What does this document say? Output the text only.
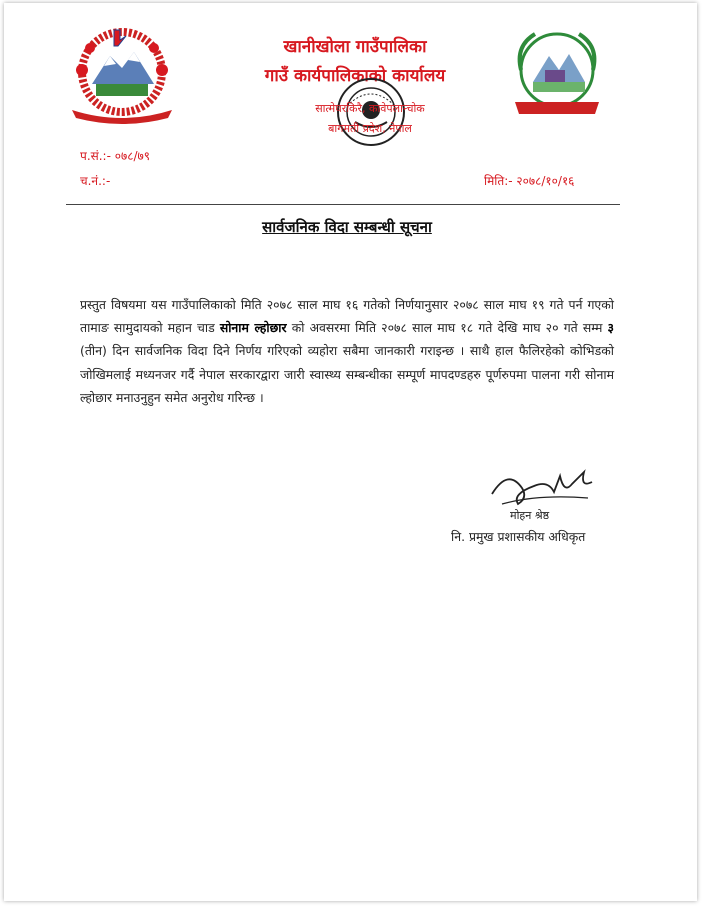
खानीखोला गाउँपालिका
गाउँ कार्यपालिकाको कार्यालय
सात्मेघरकिरै, कावेपलान्चोक
बागमती प्रदेश, नेपाल
प.सं.:- ०७८/७९
च.नं.:-	मिति:- २०७८/१०/१६
सार्वजनिक विदा सम्बन्धी सूचना
प्रस्तुत विषयमा यस गाउँपालिकाको मिति २०७८ साल माघ १६ गतेको निर्णयानुसार २०७८ साल माघ १९ गते पर्न गएको तामाङ सामुदायको महान चाड सोनाम ल्होछार को अवसरमा मिति २०७८ साल माघ १८ गते देखि माघ २० गते सम्म ३ (तीन) दिन सार्वजनिक विदा दिने निर्णय गरिएको व्यहोरा सबैमा जानकारी गराइन्छ । साथै हाल फैलिरहेको कोभिडको जोखिमलाई मध्यनजर गर्दै नेपाल सरकारद्वारा जारी स्वास्थ्य सम्बन्धीका सम्पूर्ण मापदण्डहरु पूर्णरुपमा पालना गरी सोनाम ल्होछार मनाउनुहुन समेत अनुरोध गरिन्छ ।
मोहन श्रेष्ठ
नि. प्रमुख प्रशासकीय अधिकृत
